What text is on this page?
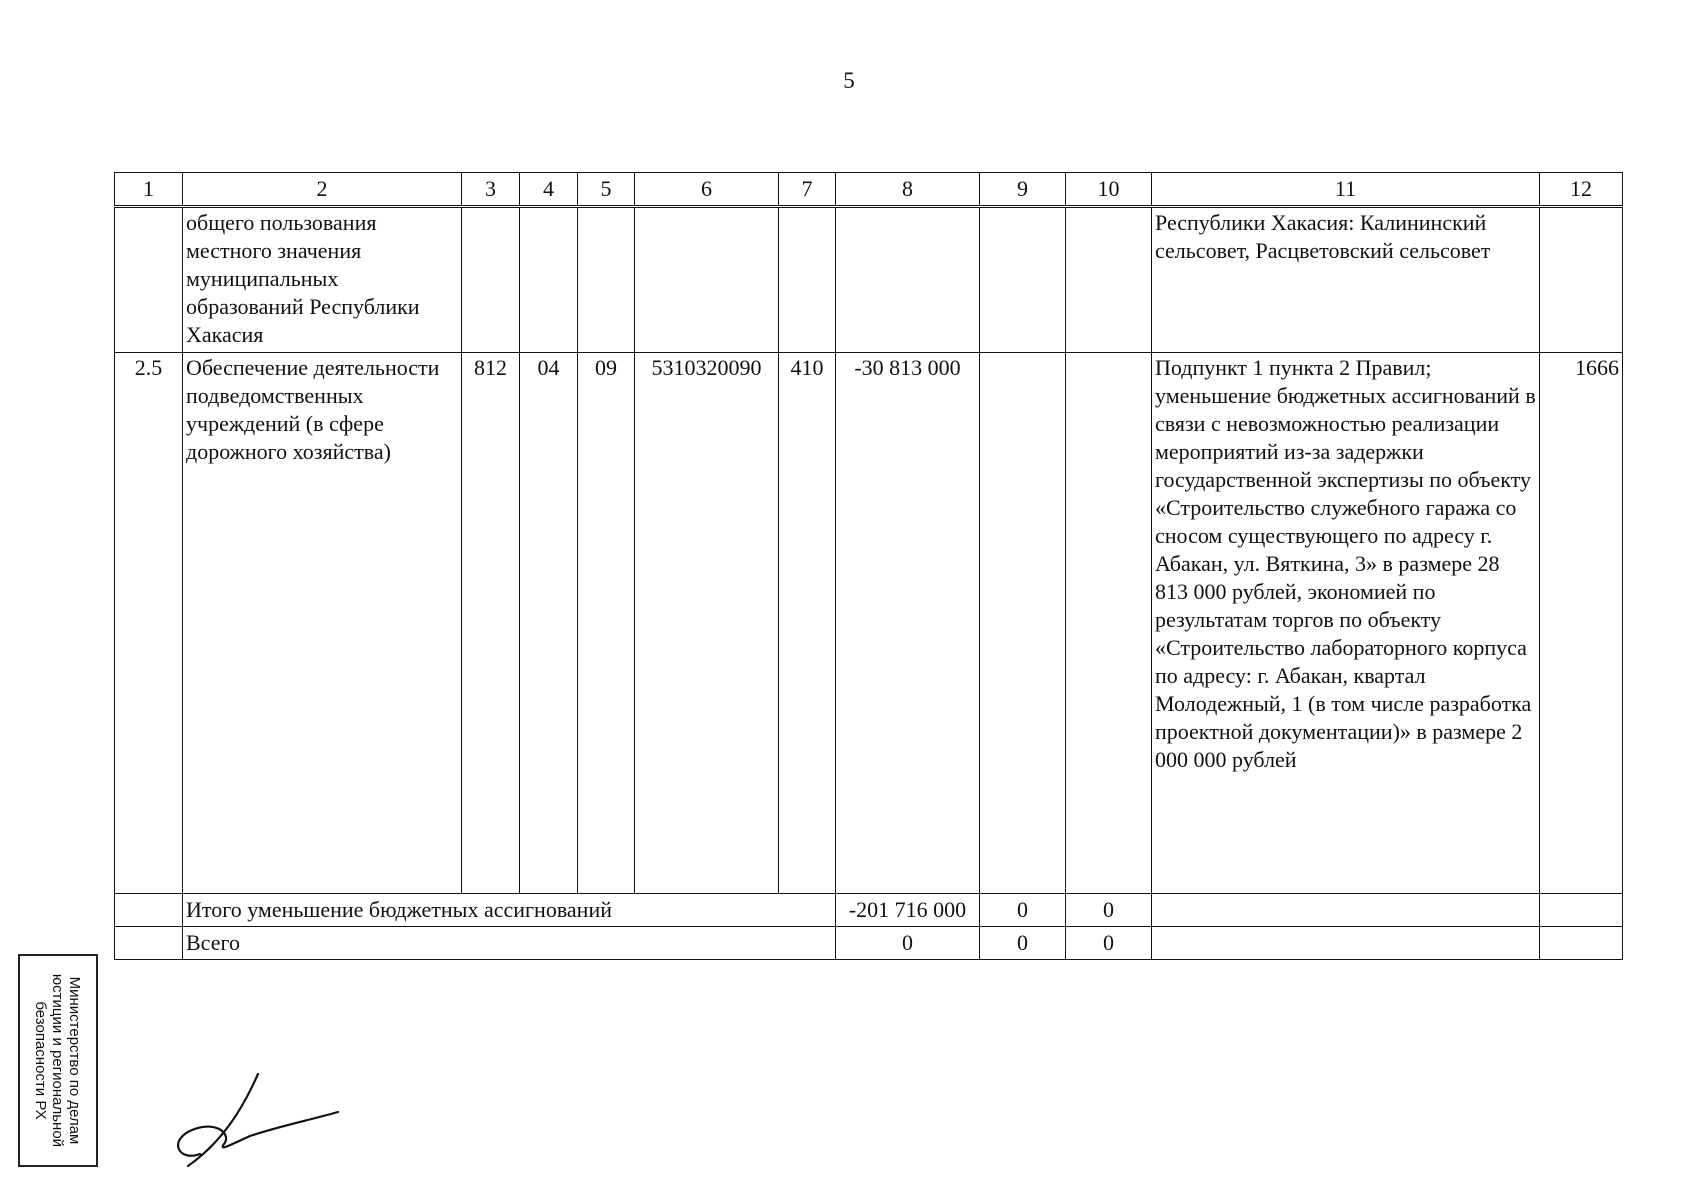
5
1	2	3	4	5	6	7	8	9	10	11	12
	общего пользования местного значения муниципальных образований Республики Хакасия									Республики Хакасия: Калининский сельсовет, Расцветовский сельсовет	
2.5	Обеспечение деятельности подведомственных учреждений (в сфере дорожного хозяйства)	812	04	09	5310320090	410	-30 813 000			Подпункт 1 пункта 2 Правил; уменьшение бюджетных ассигнований в связи с невозможностью реализации мероприятий из-за задержки государственной экспертизы по объекту «Строительство служебного гаража со сносом существующего по адресу г. Абакан, ул. Вяткина, 3» в размере 28 813 000 рублей, экономией по результатам торгов по объекту «Строительство лабораторного корпуса по адресу: г. Абакан, квартал Молодежный, 1 (в том числе разработка проектной документации)» в размере 2 000 000 рублей	1666
	Итого уменьшение бюджетных ассигнований						-201 716 000	0	0		
	Всего						0	0	0		
Министерство по делам
юстиции и региональной
безопасности РХ
